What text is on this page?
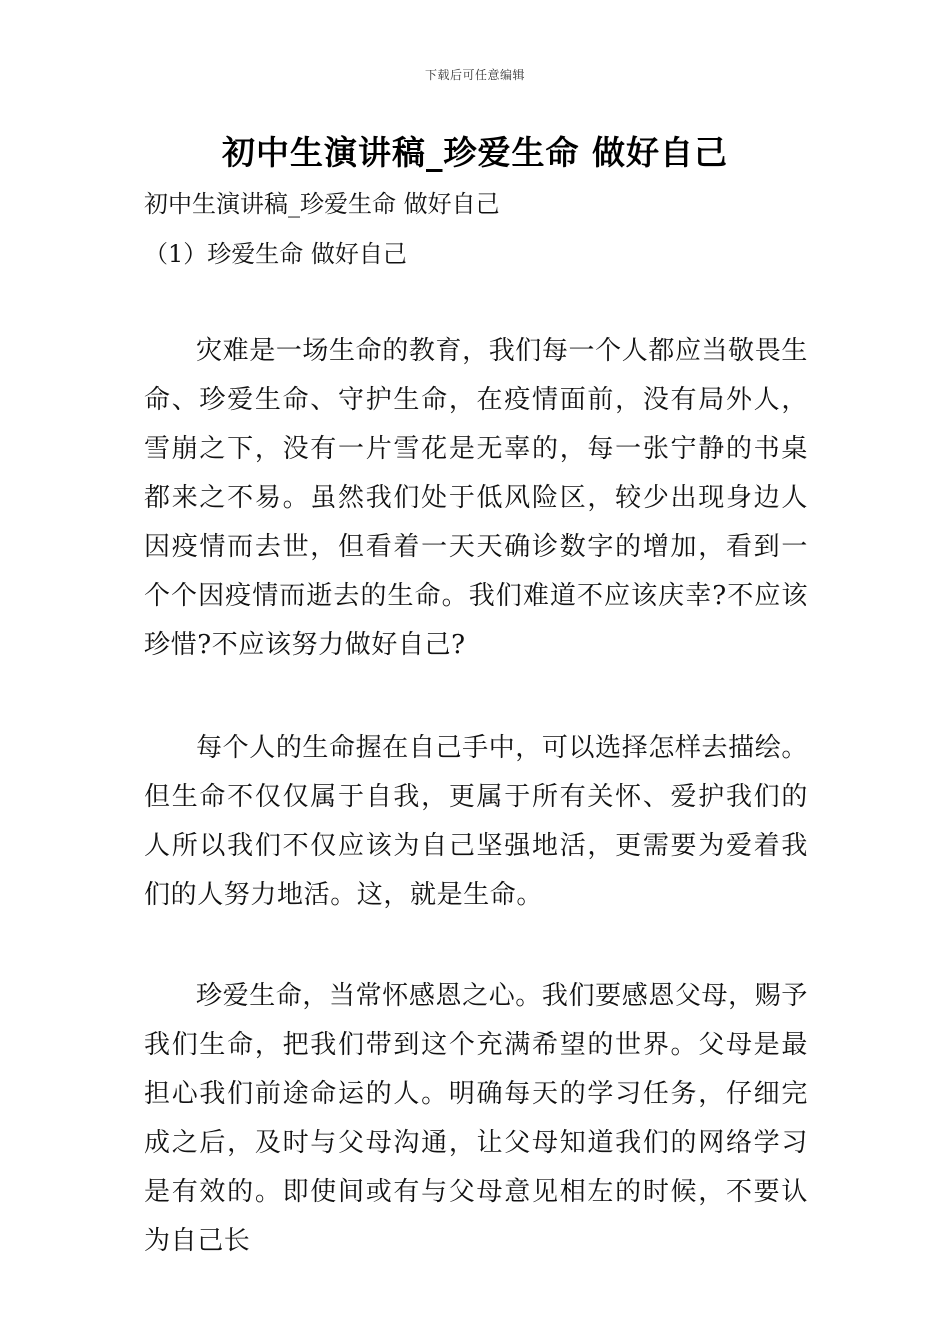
下载后可任意编辑
初中生演讲稿_珍爱生命 做好自己
初中生演讲稿_珍爱生命 做好自己
（1）珍爱生命 做好自己

灾难是一场生命的教育，我们每一个人都应当敬畏生命、珍爱生命、守护生命，在疫情面前，没有局外人，雪崩之下，没有一片雪花是无辜的，每一张宁静的书桌都来之不易。虽然我们处于低风险区，较少出现身边人因疫情而去世，但看着一天天确诊数字的增加，看到一个个因疫情而逝去的生命。我们难道不应该庆幸?不应该珍惜?不应该努力做好自己?

每个人的生命握在自己手中，可以选择怎样去描绘。但生命不仅仅属于自我，更属于所有关怀、爱护我们的人所以我们不仅应该为自己坚强地活，更需要为爱着我们的人努力地活。这，就是生命。

珍爱生命，当常怀感恩之心。我们要感恩父母，赐予我们生命，把我们带到这个充满希望的世界。父母是最担心我们前途命运的人。明确每天的学习任务，仔细完成之后，及时与父母沟通，让父母知道我们的网络学习是有效的。即使间或有与父母意见相左的时候，不要认为自己长
